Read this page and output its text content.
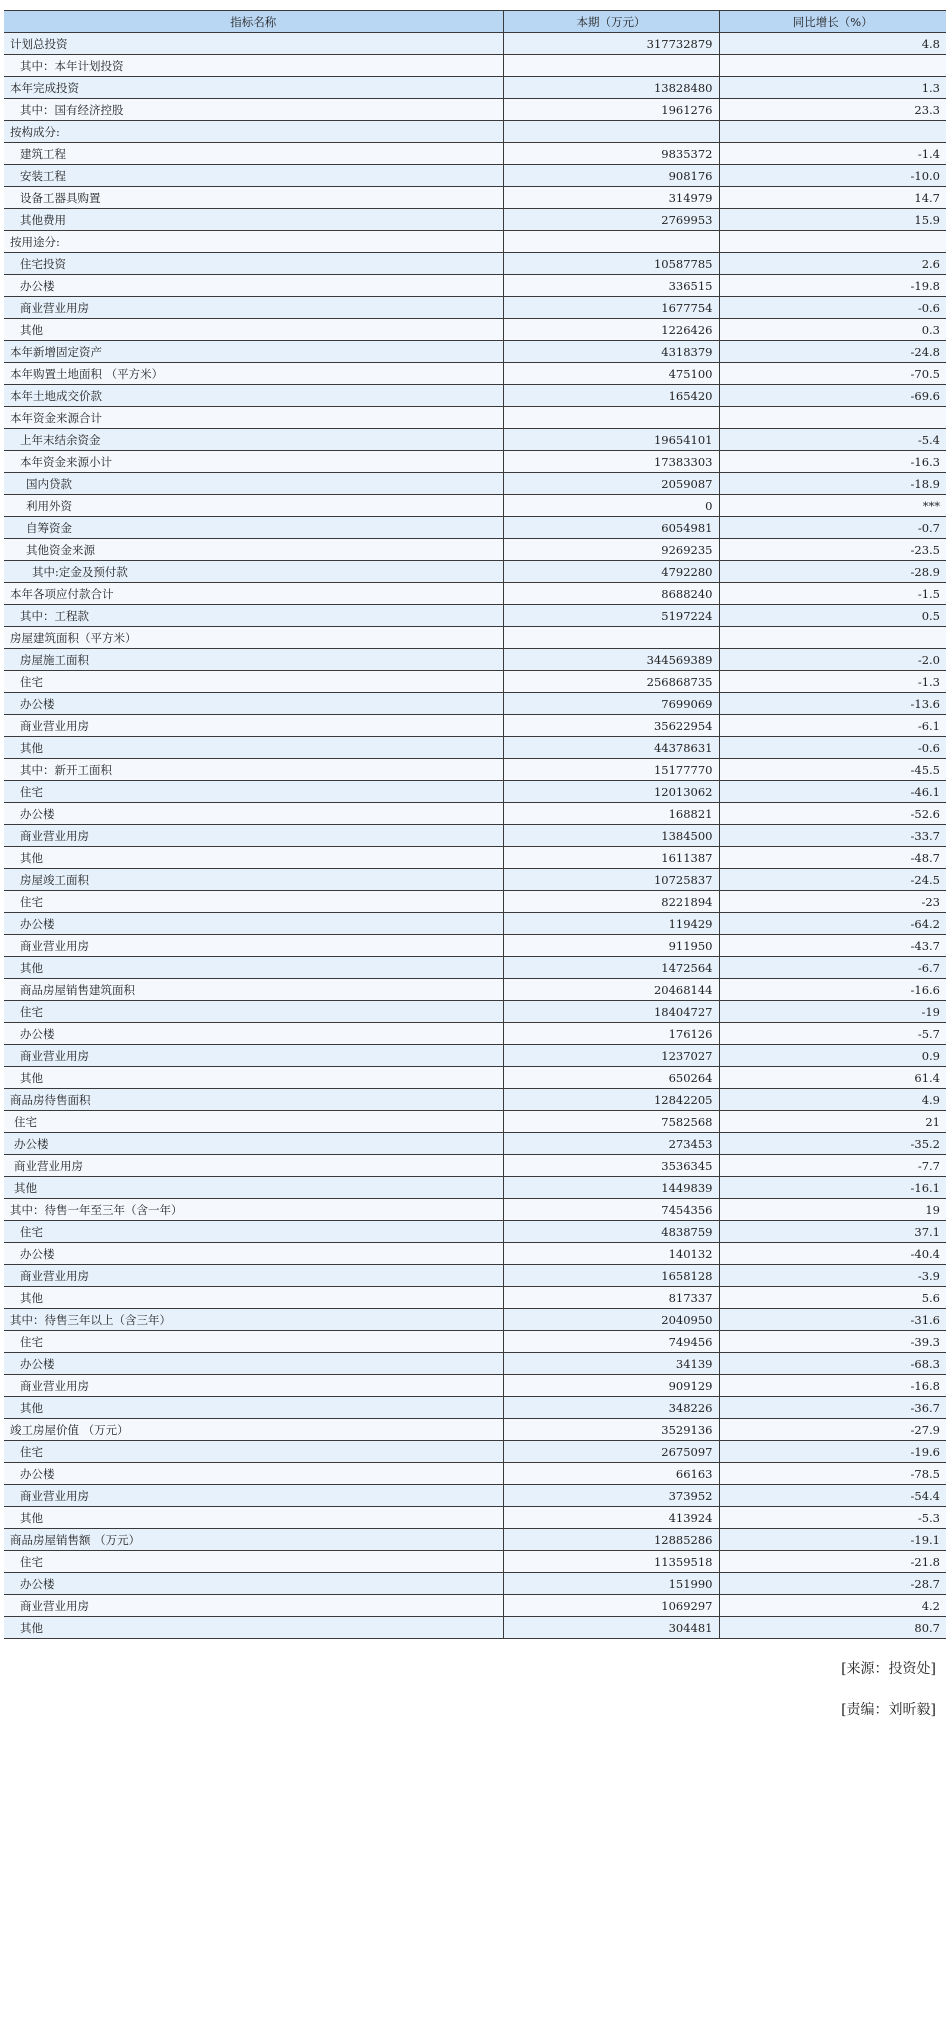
指标名称	本期（万元）	同比增长（%）
计划总投资	317732879	4.8
其中：本年计划投资		
本年完成投资	13828480	1.3
其中：国有经济控股	1961276	23.3
按构成分:		
建筑工程	9835372	-1.4
安装工程	908176	-10.0
设备工器具购置	314979	14.7
其他费用	2769953	15.9
按用途分:		
住宅投资	10587785	2.6
办公楼	336515	-19.8
商业营业用房	1677754	-0.6
其他	1226426	0.3
本年新增固定资产	4318379	-24.8
本年购置土地面积 （平方米）	475100	-70.5
本年土地成交价款	165420	-69.6
本年资金来源合计		
上年末结余资金	19654101	-5.4
本年资金来源小计	17383303	-16.3
国内贷款	2059087	-18.9
利用外资	0	***
自筹资金	6054981	-0.7
其他资金来源	9269235	-23.5
其中:定金及预付款	4792280	-28.9
本年各项应付款合计	8688240	-1.5
其中：工程款	5197224	0.5
房屋建筑面积（平方米）		
房屋施工面积	344569389	-2.0
住宅	256868735	-1.3
办公楼	7699069	-13.6
商业营业用房	35622954	-6.1
其他	44378631	-0.6
其中：新开工面积	15177770	-45.5
住宅	12013062	-46.1
办公楼	168821	-52.6
商业营业用房	1384500	-33.7
其他	1611387	-48.7
房屋竣工面积	10725837	-24.5
住宅	8221894	-23
办公楼	119429	-64.2
商业营业用房	911950	-43.7
其他	1472564	-6.7
商品房屋销售建筑面积	20468144	-16.6
住宅	18404727	-19
办公楼	176126	-5.7
商业营业用房	1237027	0.9
其他	650264	61.4
商品房待售面积	12842205	4.9
住宅	7582568	21
办公楼	273453	-35.2
商业营业用房	3536345	-7.7
其他	1449839	-16.1
其中：待售一年至三年（含一年）	7454356	19
住宅	4838759	37.1
办公楼	140132	-40.4
商业营业用房	1658128	-3.9
其他	817337	5.6
其中：待售三年以上（含三年）	2040950	-31.6
住宅	749456	-39.3
办公楼	34139	-68.3
商业营业用房	909129	-16.8
其他	348226	-36.7
竣工房屋价值 （万元）	3529136	-27.9
住宅	2675097	-19.6
办公楼	66163	-78.5
商业营业用房	373952	-54.4
其他	413924	-5.3
商品房屋销售额 （万元）	12885286	-19.1
住宅	11359518	-21.8
办公楼	151990	-28.7
商业营业用房	1069297	4.2
其他	304481	80.7
[来源：投资处]
[责编：刘昕毅]
